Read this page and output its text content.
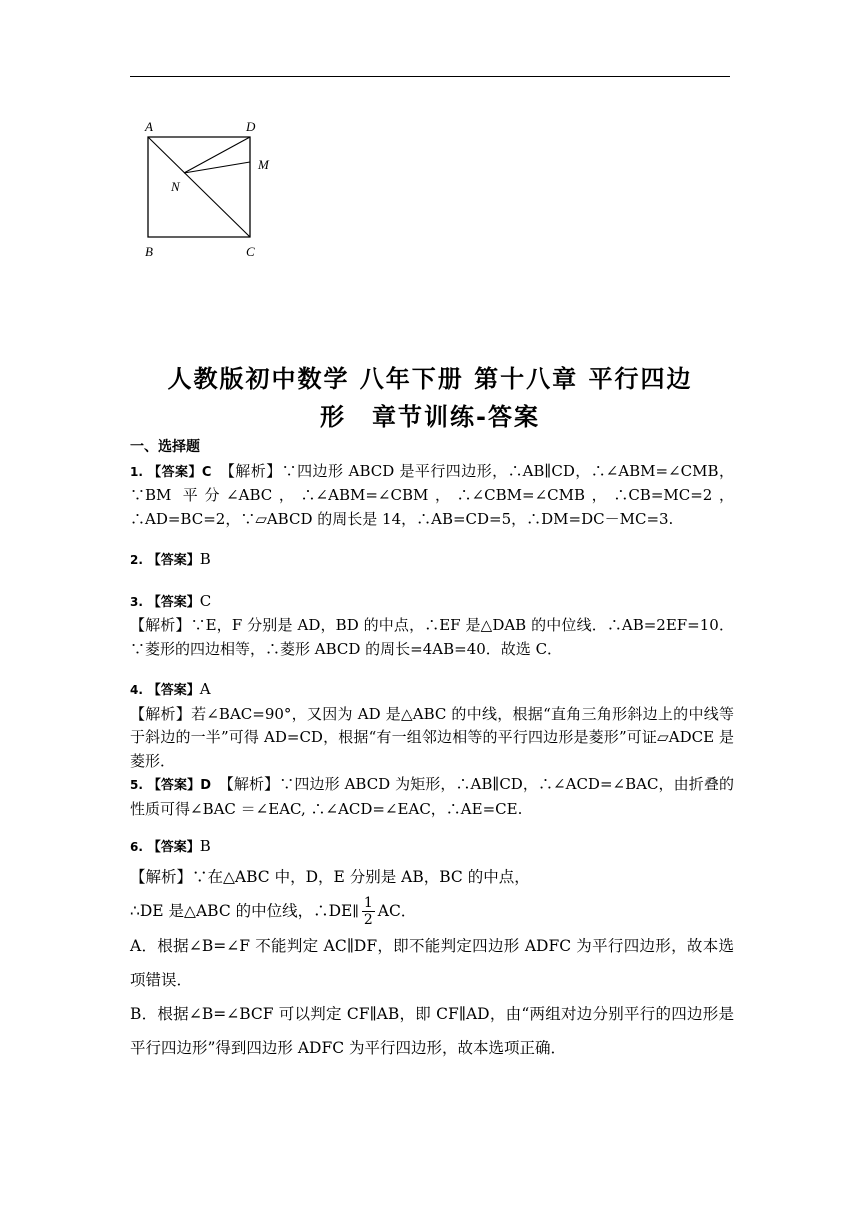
A	D
M
N
B	C
人教版初中数学 八年下册 第十八章 平行四边
形　章节训练-答案
一、选择题

1. 【答案】C　【解析】∵四边形 ABCD 是平行四边形，∴AB∥CD，∴∠ABM=∠CMB，∵BM 平分∠ABC，∴∠ABM=∠CBM，∴∠CBM=∠CMB，∴CB=MC=2，∴AD=BC=2，∵▱ABCD 的周长是 14，∴AB=CD=5，∴DM=DC－MC=3.

2. 【答案】B

3. 【答案】C
【解析】∵E，F 分别是 AD，BD 的中点，∴EF 是△DAB 的中位线．∴AB=2EF=10．∵菱形的四边相等，∴菱形 ABCD 的周长=4AB=40．故选 C．

4. 【答案】A
【解析】若∠BAC=90°，又因为 AD 是△ABC 的中线，根据“直角三角形斜边上的中线等于斜边的一半”可得 AD=CD，根据“有一组邻边相等的平行四边形是菱形”可证▱ADCE 是菱形．

5. 【答案】D　【解析】∵四边形 ABCD 为矩形，∴AB∥CD，∴∠ACD=∠BAC，由折叠的性质可得∠BAC ＝∠EAC, ∴∠ACD=∠EAC，∴AE=CE.

6. 【答案】B

【解析】∵在△ABC 中，D，E 分别是 AB，BC 的中点，

∴DE 是△ABC 的中位线，∴DE∥ $\frac{1}{2}$ AC．

A．根据∠B=∠F 不能判定 AC∥DF，即不能判定四边形 ADFC 为平行四边形，故本选项错误．

B．根据∠B=∠BCF 可以判定 CF∥AB，即 CF∥AD，由“两组对边分别平行的四边形是平行四边形”得到四边形 ADFC 为平行四边形，故本选项正确．
